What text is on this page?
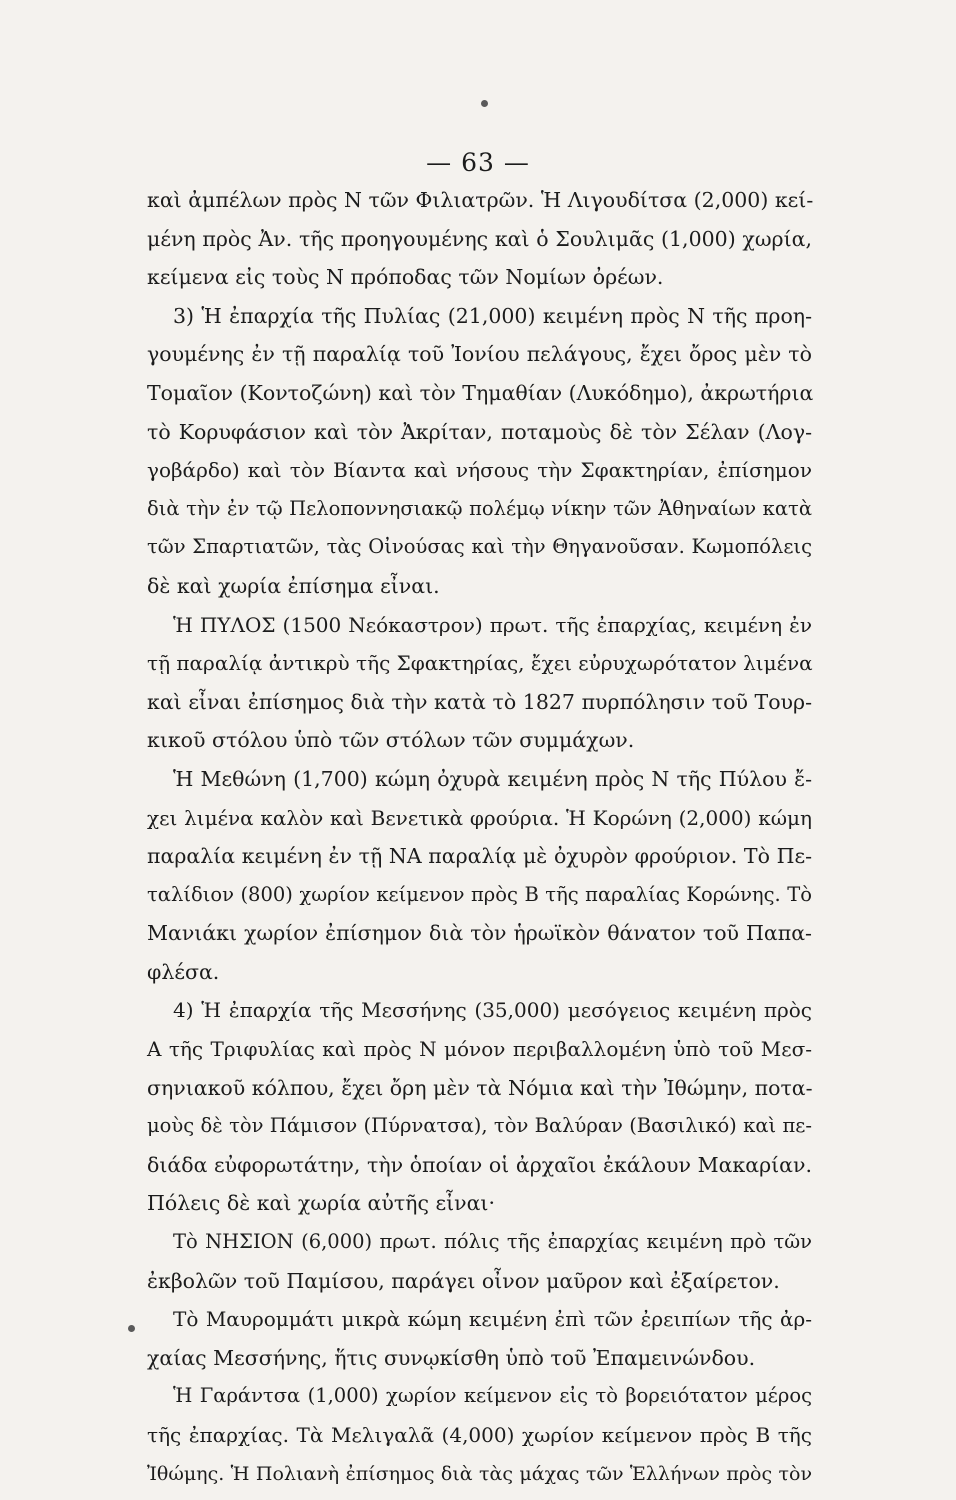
— 63 —
καὶ ἀμπέλων πρὸς Ν τῶν Φιλιατρῶν. Ἡ Λιγουδίτσα (2,000) κεί-
μένη πρὸς Ἀν. τῆς προηγουμένης καὶ ὁ Σουλιμᾶς (1,000) χωρία,
κείμενα εἰς τοὺς Ν πρόποδας τῶν Νομίων ὀρέων.
3) Ἡ ἐπαρχία τῆς Πυλίας (21,000) κειμένη πρὸς Ν τῆς προη-
γουμένης ἐν τῇ παραλίᾳ τοῦ Ἰονίου πελάγους, ἔχει ὄρος μὲν τὸ
Τομαῖον (Κοντοζώνη) καὶ τὸν Τημαθίαν (Λυκόδημο), ἀκρωτήρια
τὸ Κορυφάσιον καὶ τὸν Ἀκρίταν, ποταμοὺς δὲ τὸν Σέλαν (Λογ-
γοβάρδο) καὶ τὸν Βίαντα καὶ νήσους τὴν Σφακτηρίαν, ἐπίσημον
διὰ τὴν ἐν τῷ Πελοποννησιακῷ πολέμῳ νίκην τῶν Ἀθηναίων κατὰ
τῶν Σπαρτιατῶν, τὰς Οἰνούσας καὶ τὴν Θηγανοῦσαν. Κωμοπόλεις
δὲ καὶ χωρία ἐπίσημα εἶναι.
Ἡ ΠΥΛΟΣ (1500 Νεόκαστρον) πρωτ. τῆς ἐπαρχίας, κειμένη ἐν
τῇ παραλίᾳ ἀντικρὺ τῆς Σφακτηρίας, ἔχει εὐρυχωρότατον λιμένα
καὶ εἶναι ἐπίσημος διὰ τὴν κατὰ τὸ 1827 πυρπόλησιν τοῦ Τουρ-
κικοῦ στόλου ὑπὸ τῶν στόλων τῶν συμμάχων.
Ἡ Μεθώνη (1,700) κώμη ὀχυρὰ κειμένη πρὸς Ν τῆς Πύλου ἔ-
χει λιμένα καλὸν καὶ Βενετικὰ φρούρια. Ἡ Κορώνη (2,000) κώμη
παραλία κειμένη ἐν τῇ ΝΑ παραλίᾳ μὲ ὀχυρὸν φρούριον. Τὸ Πε-
ταλίδιον (800) χωρίον κείμενον πρὸς Β τῆς παραλίας Κορώνης. Τὸ
Μανιάκι χωρίον ἐπίσημον διὰ τὸν ἡρωϊκὸν θάνατον τοῦ Παπα-
φλέσα.
4) Ἡ ἐπαρχία τῆς Μεσσήνης (35,000) μεσόγειος κειμένη πρὸς
Α τῆς Τριφυλίας καὶ πρὸς Ν μόνον περιβαλλομένη ὑπὸ τοῦ Μεσ-
σηνιακοῦ κόλπου, ἔχει ὄρη μὲν τὰ Νόμια καὶ τὴν Ἰθώμην, ποτα-
μοὺς δὲ τὸν Πάμισον (Πύρνατσα), τὸν Βαλύραν (Βασιλικό) καὶ πε-
διάδα εὐφορωτάτην, τὴν ὁποίαν οἱ ἀρχαῖοι ἐκάλουν Μακαρίαν.
Πόλεις δὲ καὶ χωρία αὐτῆς εἶναι·
Τὸ ΝΗΣΙΟΝ (6,000) πρωτ. πόλις τῆς ἐπαρχίας κειμένη πρὸ τῶν
ἐκβολῶν τοῦ Παμίσου, παράγει οἶνον μαῦρον καὶ ἐξαίρετον.
Τὸ Μαυρομμάτι μικρὰ κώμη κειμένη ἐπὶ τῶν ἐρειπίων τῆς ἀρ-
χαίας Μεσσήνης, ἥτις συνῳκίσθη ὑπὸ τοῦ Ἐπαμεινώνδου.
Ἡ Γαράντσα (1,000) χωρίον κείμενον εἰς τὸ βορειότατον μέρος
τῆς ἐπαρχίας. Τὰ Μελιγαλᾶ (4,000) χωρίον κείμενον πρὸς Β τῆς
Ἰθώμης. Ἡ Πολιανὴ ἐπίσημος διὰ τὰς μάχας τῶν Ἑλλήνων πρὸς τὸν
